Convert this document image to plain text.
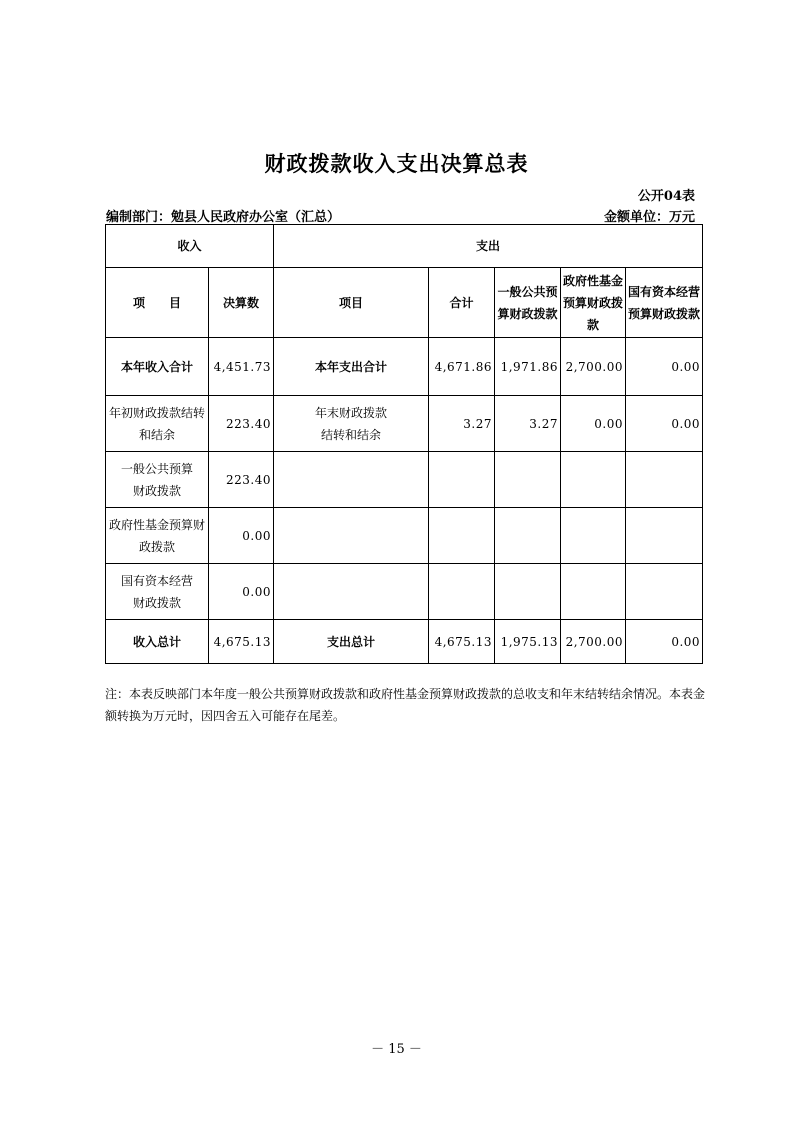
财政拨款收入支出决算总表
公开04表
编制部门：勉县人民政府办公室（汇总）	金额单位：万元
收入		支出				
项　　目	决算数	项目	合计	一般公共预算财政拨款	政府性基金预算财政拨款	国有资本经营预算财政拨款
本年收入合计	4,451.73	本年支出合计	4,671.86	1,971.86	2,700.00	0.00
年初财政拨款结转和结余	223.40	年末财政拨款结转和结余	3.27	3.27	0.00	0.00
一般公共预算财政拨款	223.40					
政府性基金预算财政拨款	0.00					
国有资本经营财政拨款	0.00					
收入总计	4,675.13	支出总计	4,675.13	1,975.13	2,700.00	0.00
注：本表反映部门本年度一般公共预算财政拨款和政府性基金预算财政拨款的总收支和年末结转结余情况。本表金额转换为万元时，因四舍五入可能存在尾差。
－ 15 －
